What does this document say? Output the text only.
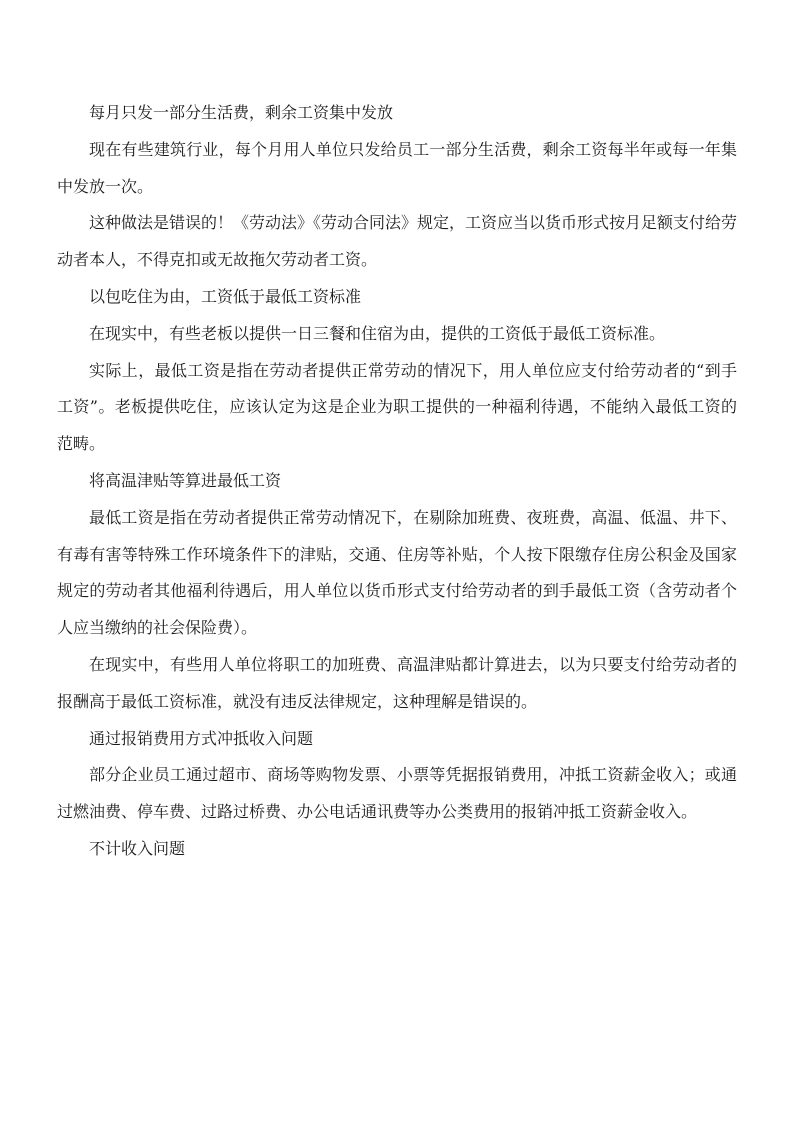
每月只发一部分生活费，剩余工资集中发放

现在有些建筑行业，每个月用人单位只发给员工一部分生活费，剩余工资每半年或每一年集中发放一次。

这种做法是错误的！《劳动法》《劳动合同法》规定，工资应当以货币形式按月足额支付给劳动者本人，不得克扣或无故拖欠劳动者工资。

以包吃住为由，工资低于最低工资标准

在现实中，有些老板以提供一日三餐和住宿为由，提供的工资低于最低工资标准。

实际上，最低工资是指在劳动者提供正常劳动的情况下，用人单位应支付给劳动者的“到手工资”。老板提供吃住，应该认定为这是企业为职工提供的一种福利待遇，不能纳入最低工资的范畴。

将高温津贴等算进最低工资

最低工资是指在劳动者提供正常劳动情况下，在剔除加班费、夜班费，高温、低温、井下、有毒有害等特殊工作环境条件下的津贴，交通、住房等补贴，个人按下限缴存住房公积金及国家规定的劳动者其他福利待遇后，用人单位以货币形式支付给劳动者的到手最低工资（含劳动者个人应当缴纳的社会保险费）。

在现实中，有些用人单位将职工的加班费、高温津贴都计算进去，以为只要支付给劳动者的报酬高于最低工资标准，就没有违反法律规定，这种理解是错误的。

通过报销费用方式冲抵收入问题

部分企业员工通过超市、商场等购物发票、小票等凭据报销费用，冲抵工资薪金收入；或通过燃油费、停车费、过路过桥费、办公电话通讯费等办公类费用的报销冲抵工资薪金收入。

不计收入问题
